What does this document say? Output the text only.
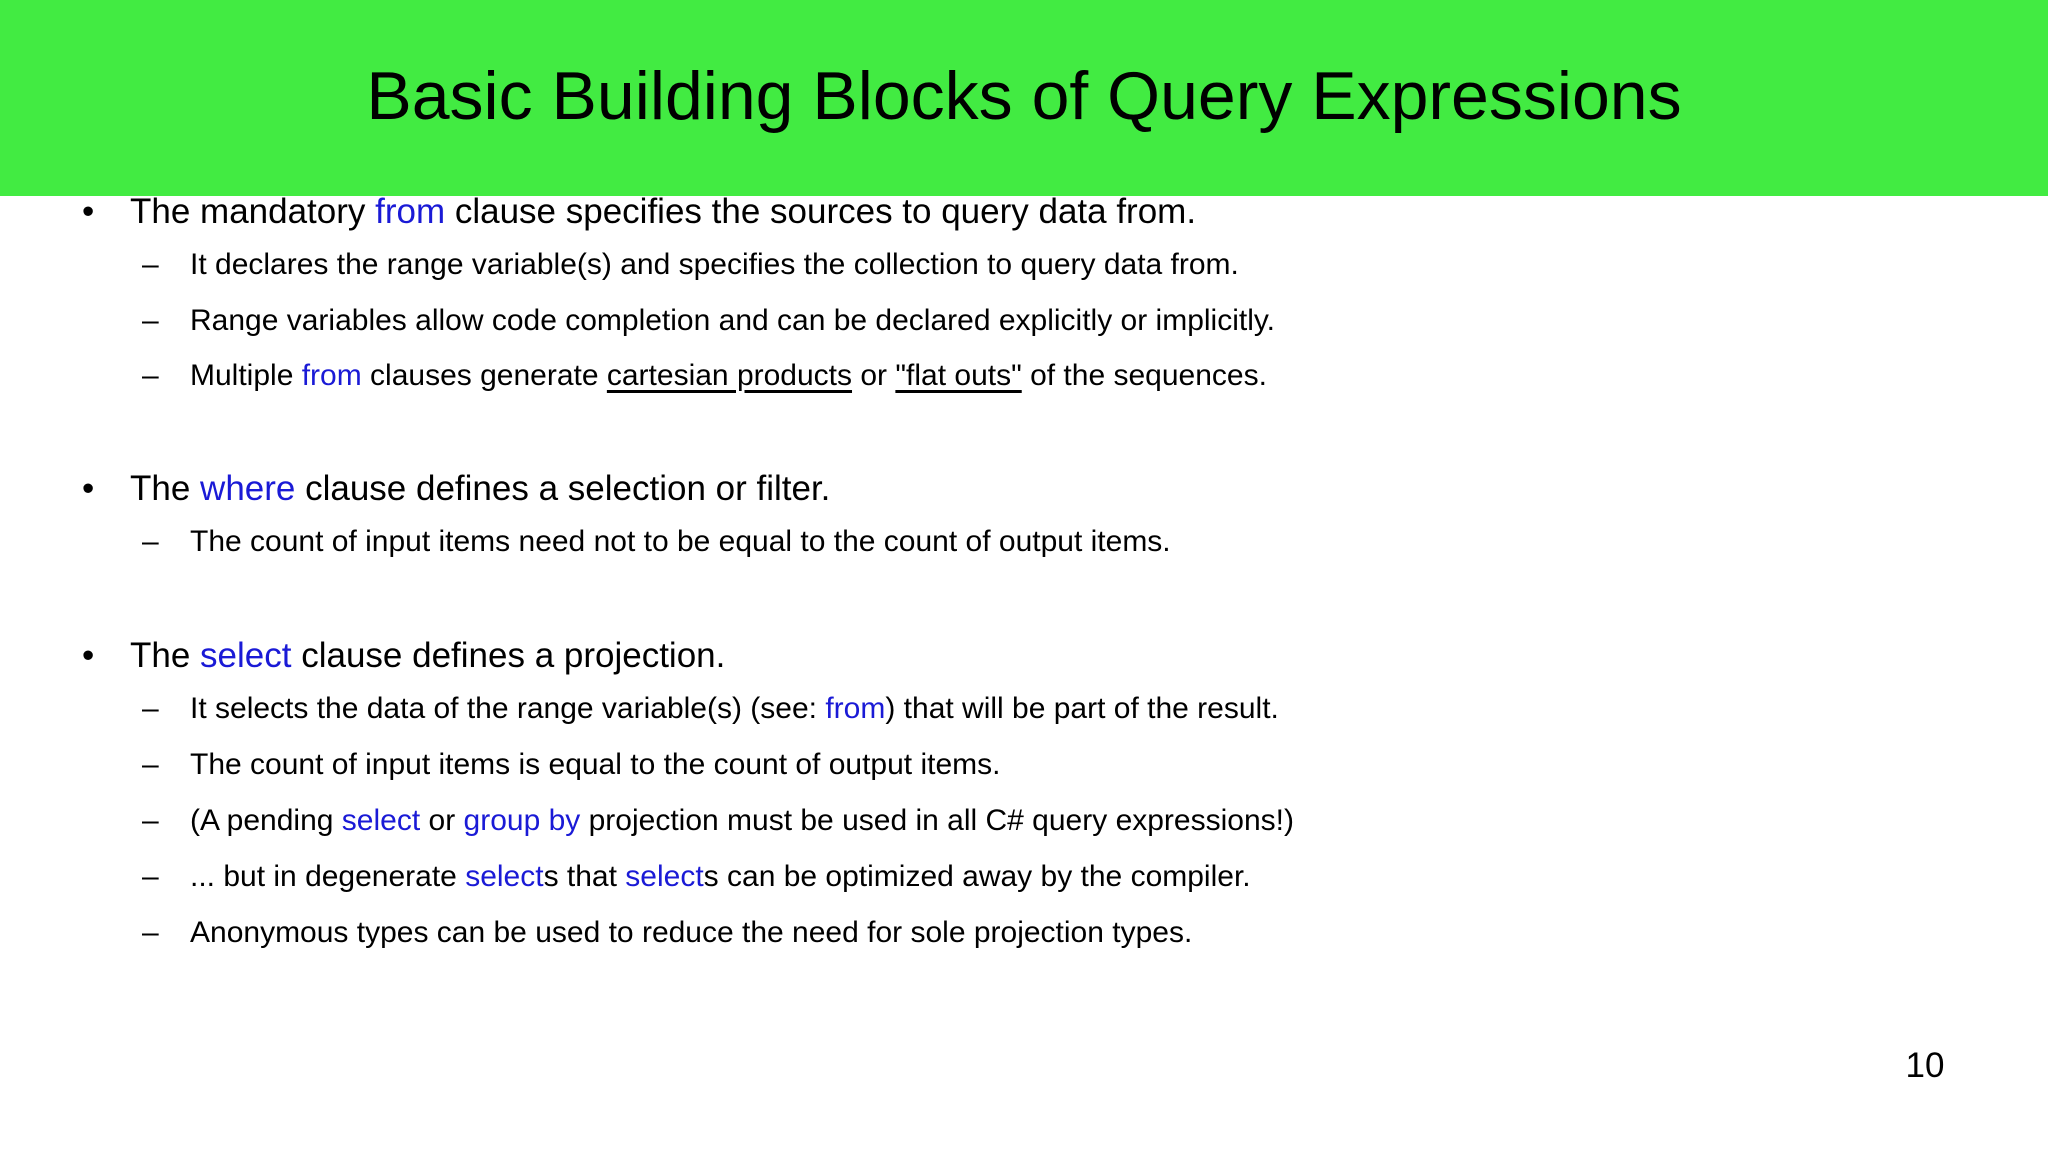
Basic Building Blocks of Query Expressions
• The mandatory from clause specifies the sources to query data from.
– It declares the range variable(s) and specifies the collection to query data from.
– Range variables allow code completion and can be declared explicitly or implicitly.
– Multiple from clauses generate cartesian products or "flat outs" of the sequences.
• The where clause defines a selection or filter.
– The count of input items need not to be equal to the count of output items.
• The select clause defines a projection.
– It selects the data of the range variable(s) (see: from) that will be part of the result.
– The count of input items is equal to the count of output items.
– (A pending select or group by projection must be used in all C# query expressions!)
– ... but in degenerate selects that selects can be optimized away by the compiler.
– Anonymous types can be used to reduce the need for sole projection types.
10
